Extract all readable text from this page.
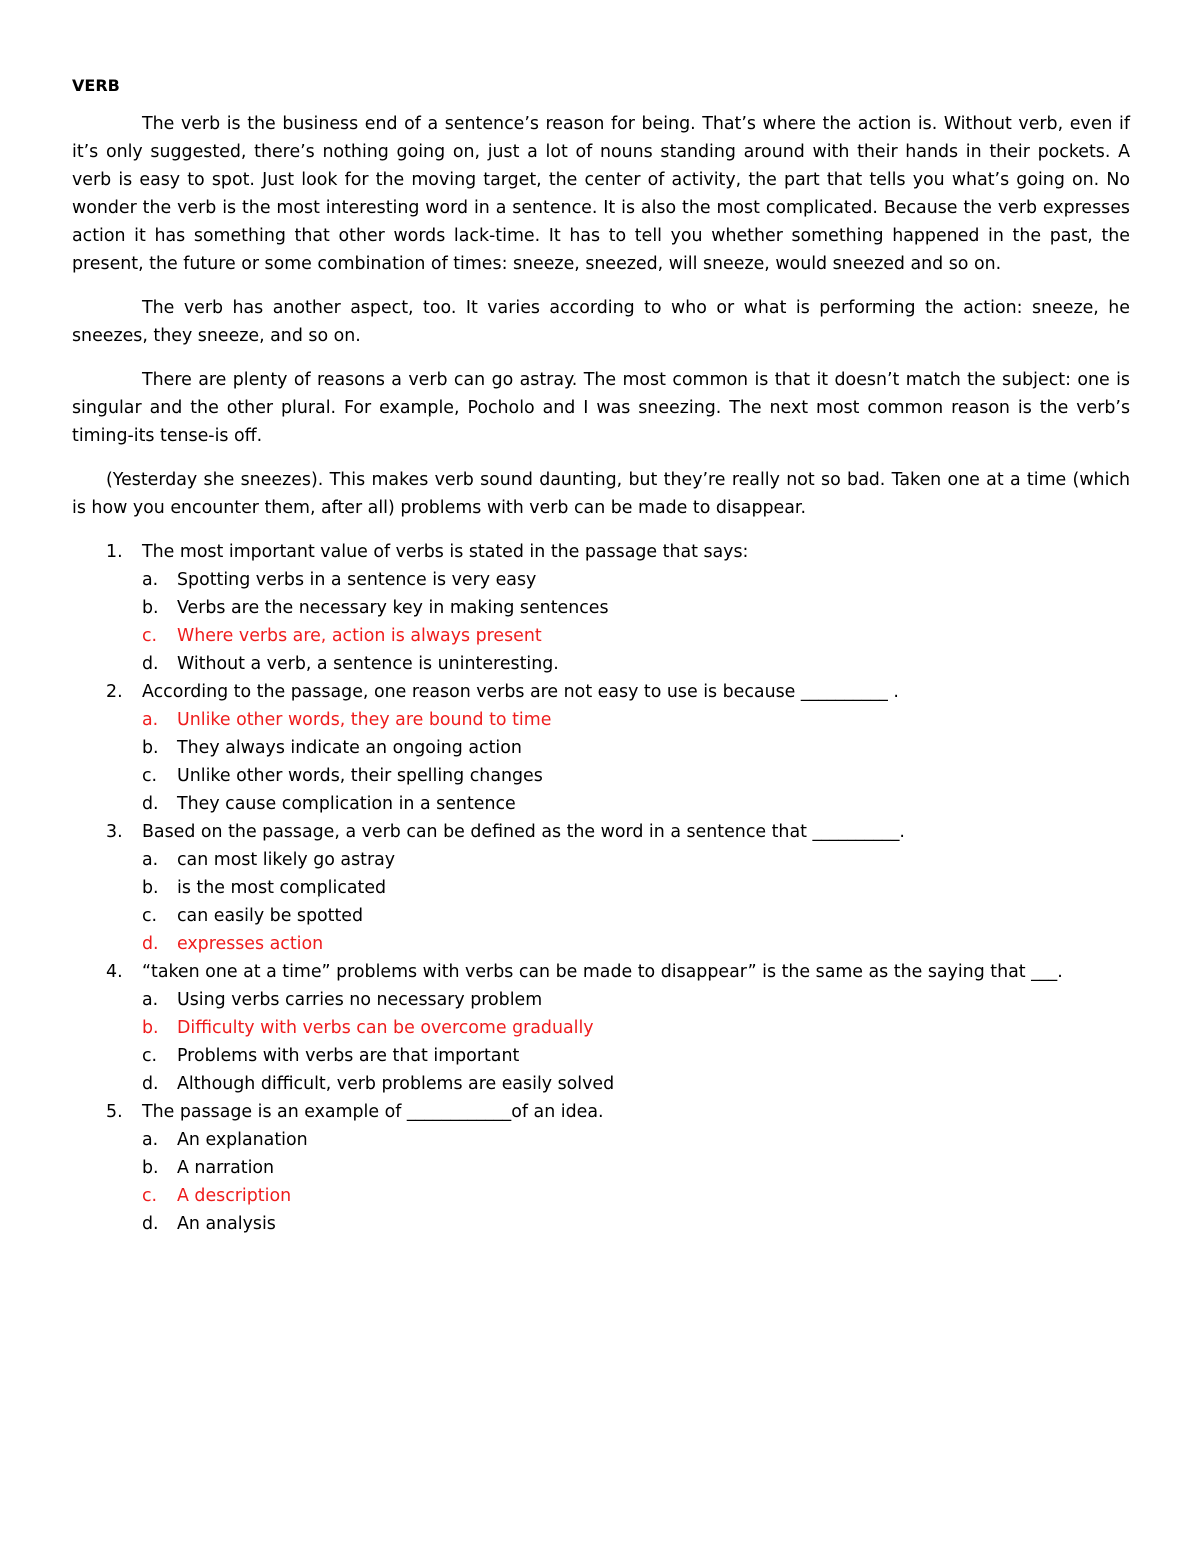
VERB

The verb is the business end of a sentence’s reason for being. That’s where the action is. Without verb, even if it’s only suggested, there’s nothing going on, just a lot of nouns standing around with their hands in their pockets. A verb is easy to spot. Just look for the moving target, the center of activity, the part that tells you what’s going on. No wonder the verb is the most interesting word in a sentence. It is also the most complicated. Because the verb expresses action it has something that other words lack-time. It has to tell you whether something happened in the past, the present, the future or some combination of times: sneeze, sneezed, will sneeze, would sneezed and so on.

The verb has another aspect, too. It varies according to who or what is performing the action: sneeze, he sneezes, they sneeze, and so on.

There are plenty of reasons a verb can go astray. The most common is that it doesn’t match the subject: one is singular and the other plural. For example, Pocholo and I was sneezing. The next most common reason is the verb’s timing-its tense-is off.

(Yesterday she sneezes). This makes verb sound daunting, but they’re really not so bad. Taken one at a time (which is how you encounter them, after all) problems with verb can be made to disappear.

1. The most important value of verbs is stated in the passage that says:
a. Spotting verbs in a sentence is very easy
b. Verbs are the necessary key in making sentences
c. Where verbs are, action is always present
d. Without a verb, a sentence is uninteresting.
2. According to the passage, one reason verbs are not easy to use is because __________ .
a. Unlike other words, they are bound to time
b. They always indicate an ongoing action
c. Unlike other words, their spelling changes
d. They cause complication in a sentence
3. Based on the passage, a verb can be defined as the word in a sentence that __________.
a. can most likely go astray
b. is the most complicated
c. can easily be spotted
d. expresses action
4. “taken one at a time” problems with verbs can be made to disappear” is the same as the saying that ___.
a. Using verbs carries no necessary problem
b. Difficulty with verbs can be overcome gradually
c. Problems with verbs are that important
d. Although difficult, verb problems are easily solved
5. The passage is an example of ____________of an idea.
a. An explanation
b. A narration
c. A description
d. An analysis
